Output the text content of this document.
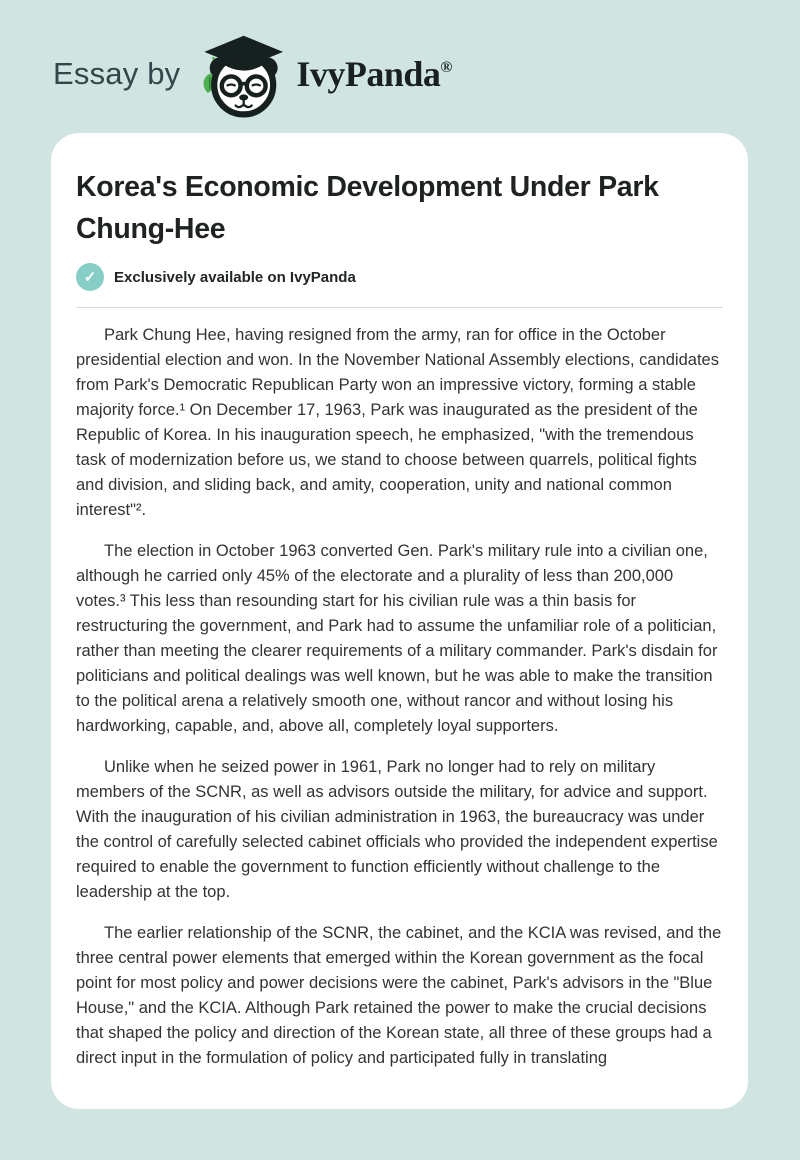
Essay by	IvyPanda®
Korea's Economic Development Under Park Chung-Hee
✓	Exclusively available on IvyPanda

Park Chung Hee, having resigned from the army, ran for office in the October presidential election and won. In the November National Assembly elections, candidates from Park's Democratic Republican Party won an impressive victory, forming a stable majority force.¹ On December 17, 1963, Park was inaugurated as the president of the Republic of Korea. In his inauguration speech, he emphasized, "with the tremendous task of modernization before us, we stand to choose between quarrels, political fights and division, and sliding back, and amity, cooperation, unity and national common interest"².

The election in October 1963 converted Gen. Park's military rule into a civilian one, although he carried only 45% of the electorate and a plurality of less than 200,000 votes.³ This less than resounding start for his civilian rule was a thin basis for restructuring the government, and Park had to assume the unfamiliar role of a politician, rather than meeting the clearer requirements of a military commander. Park's disdain for politicians and political dealings was well known, but he was able to make the transition to the political arena a relatively smooth one, without rancor and without losing his hardworking, capable, and, above all, completely loyal supporters.

Unlike when he seized power in 1961, Park no longer had to rely on military members of the SCNR, as well as advisors outside the military, for advice and support. With the inauguration of his civilian administration in 1963, the bureaucracy was under the control of carefully selected cabinet officials who provided the independent expertise required to enable the government to function efficiently without challenge to the leadership at the top.

The earlier relationship of the SCNR, the cabinet, and the KCIA was revised, and the three central power elements that emerged within the Korean government as the focal point for most policy and power decisions were the cabinet, Park's advisors in the "Blue House," and the KCIA. Although Park retained the power to make the crucial decisions that shaped the policy and direction of the Korean state, all three of these groups had a direct input in the formulation of policy and participated fully in translating
